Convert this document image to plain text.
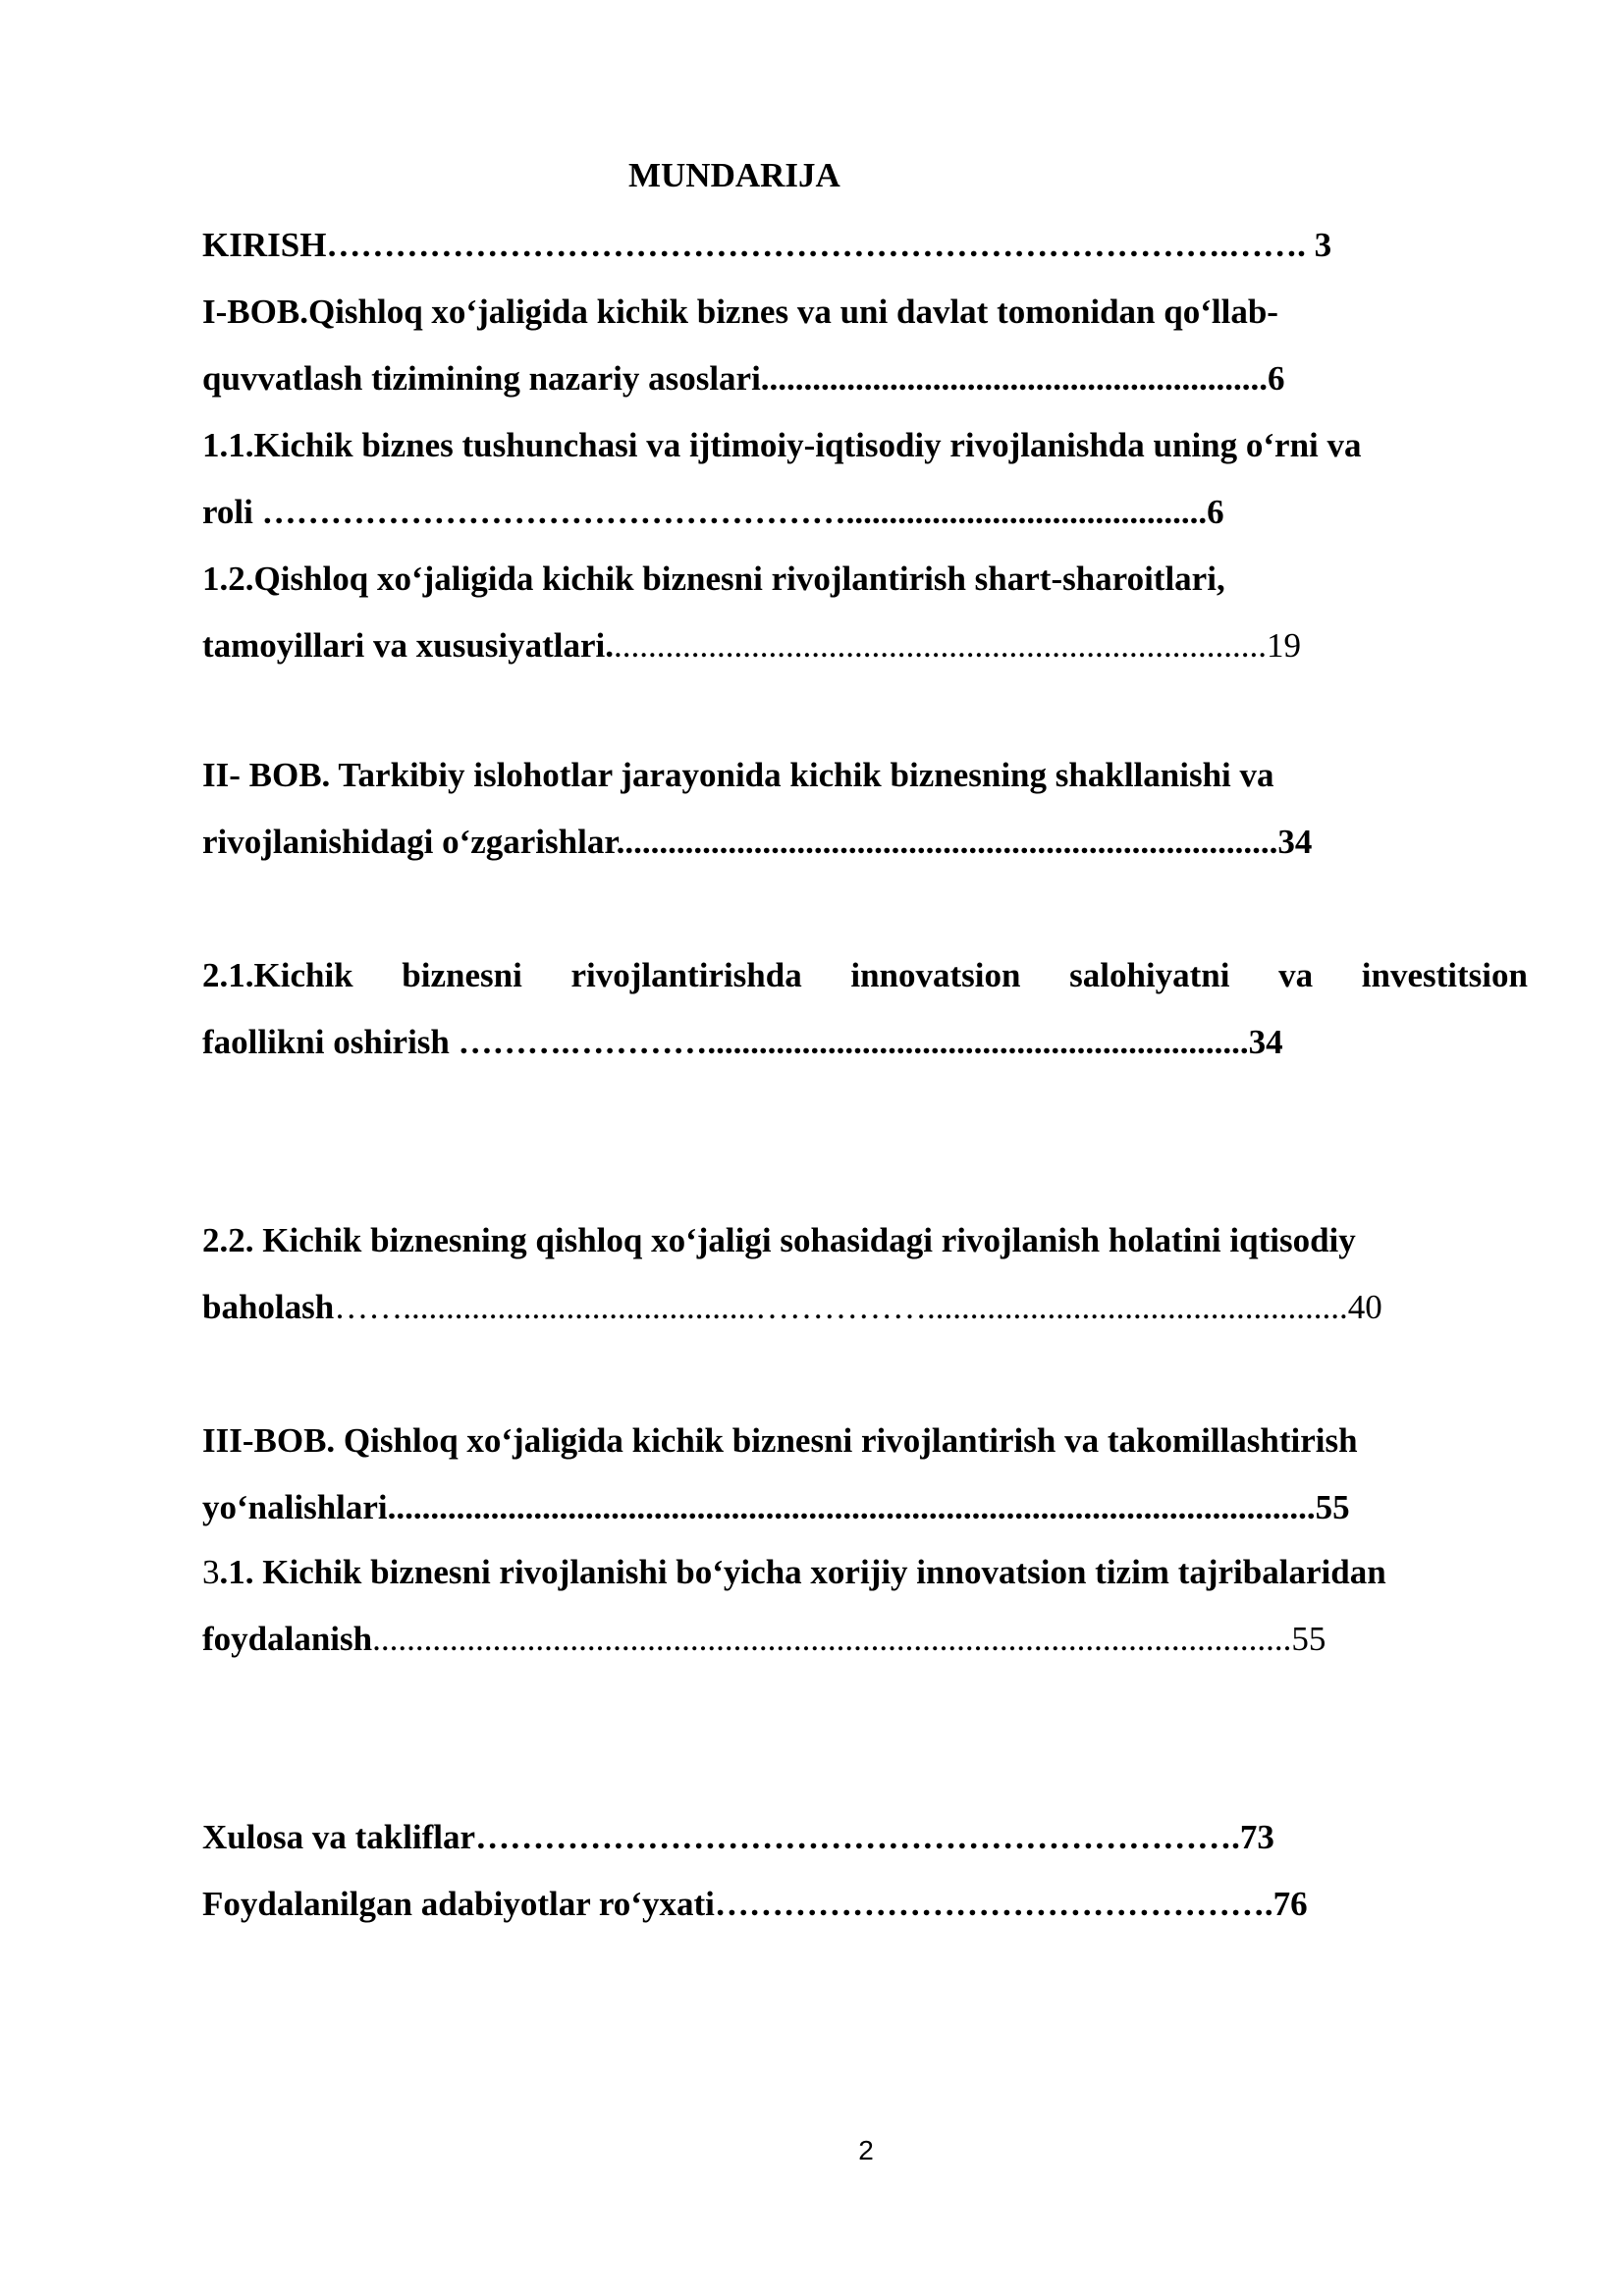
MUNDARIJA
KIRISH…………………………………………………………………….……. 3
I-BOB.Qishloq xo‘jaligida kichik biznes va uni davlat tomonidan qo‘llab-
quvvatlash tizimining nazariy asoslari...........................................................6
1.1.Kichik biznes tushunchasi va ijtimoiy-iqtisodiy rivojlanishda uning o‘rni va
roli ……………………………………………..........................................6
1.2.Qishloq xo‘jaligida kichik biznesni rivojlantirish shart-sharoitlari,
tamoyillari va xususiyatlari.............................................................................19
II- BOB. Tarkibiy islohotlar jarayonida kichik biznesning shakllanishi va
rivojlanishidagi o‘zgarishlar.............................................................................34
2.1.Kichik biznesni rivojlantirishda innovatsion salohiyatni va investitsion
faollikni oshirish ……….…………...............................................................34
2.2. Kichik biznesning qishloq xo‘jaligi sohasidagi rivojlanish holatini iqtisodiy
baholash…….........................................…………….................................................40
III-BOB. Qishloq xo‘jaligida kichik biznesni rivojlantirish va takomillashtirish
yo‘nalishlari............................................................................................................55
3.1. Kichik biznesni rivojlanishi bo‘yicha xorijiy innovatsion tizim tajribalaridan
foydalanish...........................................................................................................55
Xulosa va takliflar………………………………………………………….73
Foydalanilgan adabiyotlar ro‘yxati………………………………………….76
2
